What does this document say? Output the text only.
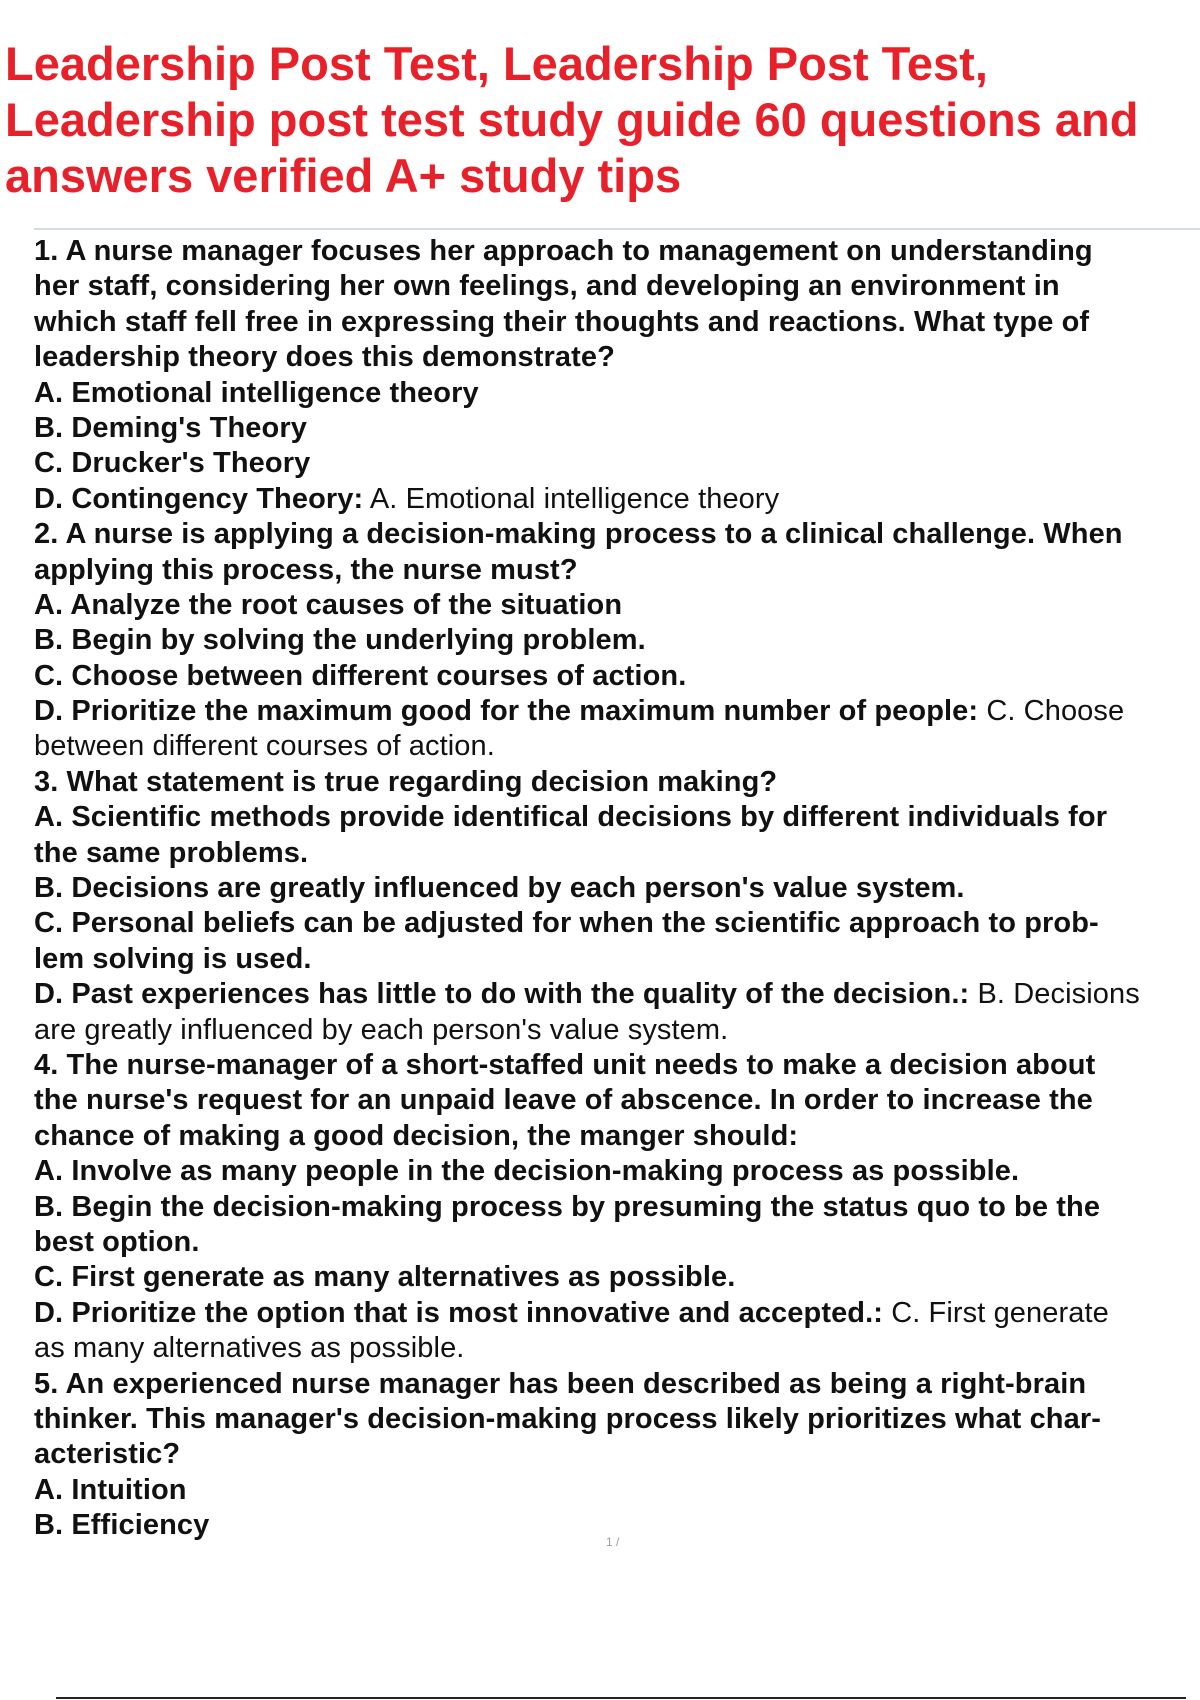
Leadership Post Test, Leadership Post Test,
Leadership post test study guide 60 questions and
answers verified A+ study tips
1. A nurse manager focuses her approach to management on understanding
her staff, considering her own feelings, and developing an environment in
which staff fell free in expressing their thoughts and reactions. What type of
leadership theory does this demonstrate?
A. Emotional intelligence theory
B. Deming's Theory
C. Drucker's Theory
D. Contingency Theory: A. Emotional intelligence theory
2. A nurse is applying a decision-making process to a clinical challenge. When
applying this process, the nurse must?
A. Analyze the root causes of the situation
B. Begin by solving the underlying problem.
C. Choose between different courses of action.
D. Prioritize the maximum good for the maximum number of people: C. Choose
between different courses of action.
3. What statement is true regarding decision making?
A. Scientific methods provide identifical decisions by different individuals for
the same problems.
B. Decisions are greatly influenced by each person's value system.
C. Personal beliefs can be adjusted for when the scientific approach to prob-
lem solving is used.
D. Past experiences has little to do with the quality of the decision.: B. Decisions
are greatly influenced by each person's value system.
4. The nurse-manager of a short-staffed unit needs to make a decision about
the nurse's request for an unpaid leave of abscence. In order to increase the
chance of making a good decision, the manger should:
A. Involve as many people in the decision-making process as possible.
B. Begin the decision-making process by presuming the status quo to be the
best option.
C. First generate as many alternatives as possible.
D. Prioritize the option that is most innovative and accepted.: C. First generate
as many alternatives as possible.
5. An experienced nurse manager has been described as being a right-brain
thinker. This manager's decision-making process likely prioritizes what char-
acteristic?
A. Intuition
B. Efficiency
1 /
